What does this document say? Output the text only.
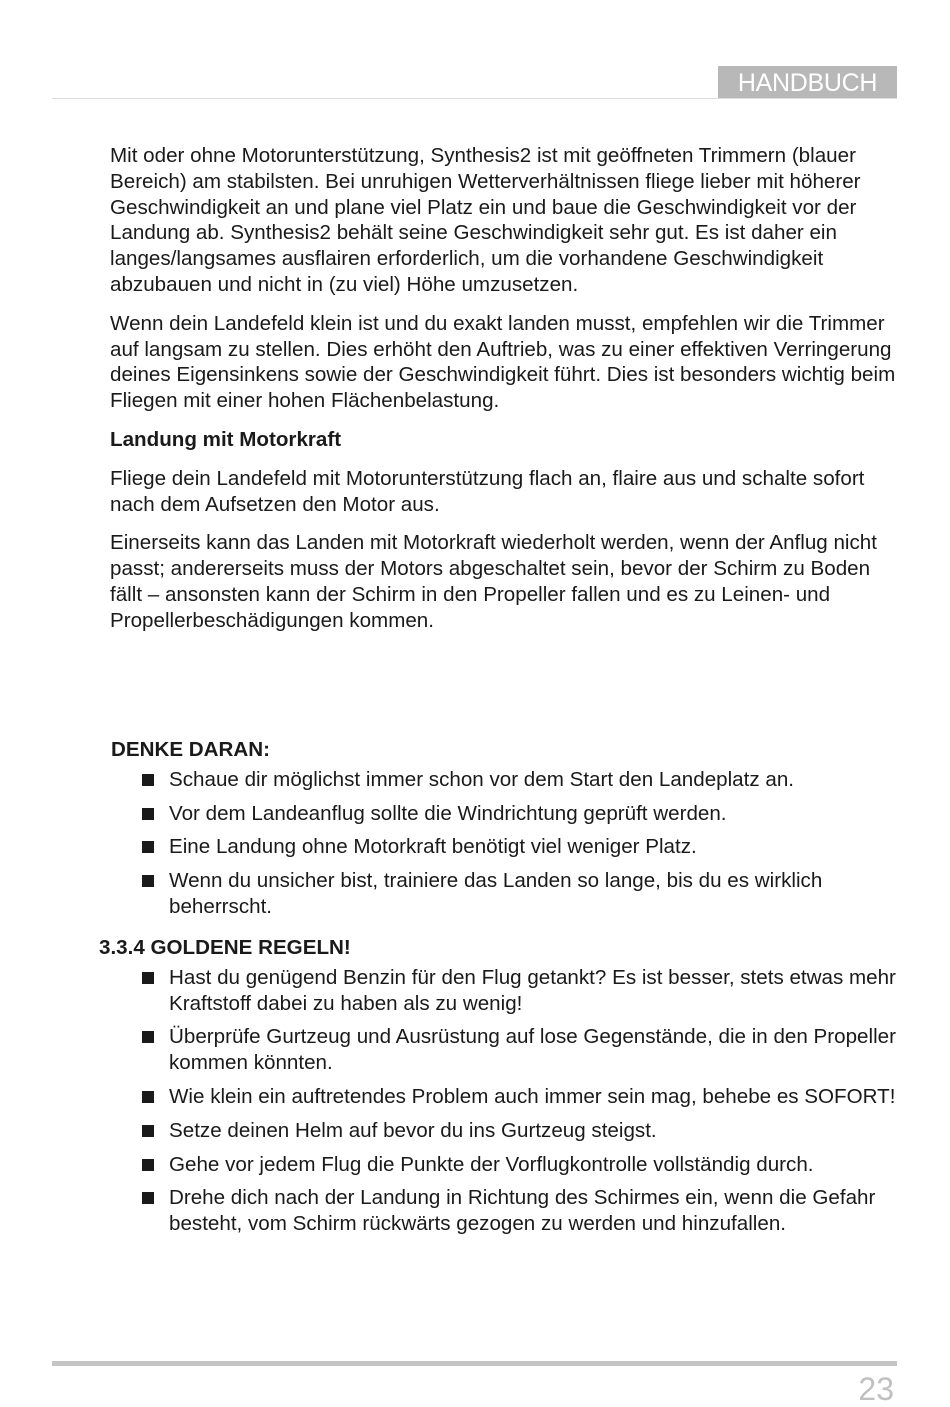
HANDBUCH

Mit oder ohne Motorunterstützung, Synthesis2 ist mit geöffneten Trimmern (blauer Bereich) am stabilsten. Bei unruhigen Wetterverhältnissen fliege lieber mit höherer Geschwindigkeit an und plane viel Platz ein und baue die Geschwindigkeit vor der Landung ab. Synthesis2 behält seine Geschwindigkeit sehr gut. Es ist daher ein langes/langsames ausflairen erforderlich, um die vorhandene Geschwindigkeit abzubauen und nicht in (zu viel) Höhe umzusetzen.

Wenn dein Landefeld klein ist und du exakt landen musst, empfehlen wir die Trimmer auf langsam zu stellen. Dies erhöht den Auftrieb, was zu einer effektiven Verringerung deines Eigensinkens sowie der Geschwindigkeit führt. Dies ist besonders wichtig beim Fliegen mit einer hohen Flächenbelastung.

Landung mit Motorkraft

Fliege dein Landefeld mit Motorunterstützung flach an, flaire aus und schalte sofort nach dem Aufsetzen den Motor aus.

Einerseits kann das Landen mit Motorkraft wiederholt werden, wenn der Anflug nicht passt; andererseits muss der Motors abgeschaltet sein, bevor der Schirm zu Boden fällt – ansonsten kann der Schirm in den Propeller fallen und es zu Leinen- und Propellerbeschädigungen kommen.

DENKE DARAN:
Schaue dir möglichst immer schon vor dem Start den Landeplatz an.
Vor dem Landeanflug sollte die Windrichtung geprüft werden.
Eine Landung ohne Motorkraft benötigt viel weniger Platz.
Wenn du unsicher bist, trainiere das Landen so lange, bis du es wirklich beherrscht.
3.3.4 GOLDENE REGELN!
Hast du genügend Benzin für den Flug getankt? Es ist besser, stets etwas mehr Kraftstoff dabei zu haben als zu wenig!
Überprüfe Gurtzeug und Ausrüstung auf lose Gegenstände, die in den Propeller kommen könnten.
Wie klein ein auftretendes Problem auch immer sein mag, behebe es SOFORT!
Setze deinen Helm auf bevor du ins Gurtzeug steigst.
Gehe vor jedem Flug die Punkte der Vorflugkontrolle vollständig durch.
Drehe dich nach der Landung in Richtung des Schirmes ein, wenn die Gefahr besteht, vom Schirm rückwärts gezogen zu werden und hinzufallen.
23
